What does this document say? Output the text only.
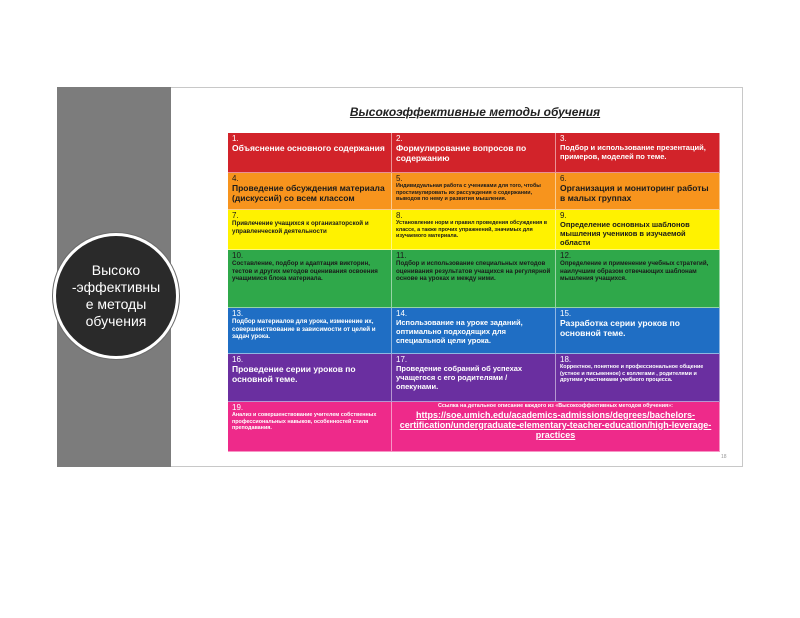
Высоко
-эффективны
е методы
обучения
Высокоэффективные методы обучения
1.
Объяснение основного содержания
2.
Формулирование вопросов по содержанию
3.
Подбор и использование презентаций, примеров, моделей по теме.
4.
Проведение обсуждения материала (дискуссий) со всем классом
5.
Индивидуальная работа с учениками для того, чтобы простимулировать их рассуждения о содержании, выводов по нему и развития мышления.
6.
Организация и мониторинг работы в малых группах
7.
Привлечение учащихся к организаторской и управленческой деятельности
8.
Установление норм и правил проведения обсуждения в классе, а также прочих упражнений, значимых для изучаемого материала.
9.
Определение основных шаблонов мышления учеников в изучаемой области
10.
Составление, подбор и адаптация викторин, тестов и других методов оценивания освоения учащимися блока материала.
11.
Подбор и использование специальных методов оценивания результатов учащихся на регулярной основе на уроках и между ними.
12.
Определение и применение учебных стратегий, наилучшим образом отвечающих шаблонам мышления учащихся.
13.
Подбор материалов для урока, изменение их, совершенствование в зависимости от целей и задач урока.
14.
Использование на уроке заданий, оптимально подходящих для специальной цели урока.
15.
Разработка серии уроков по основной теме.
16.
Проведение серии уроков по основной теме.
17.
Проведение собраний об успехах учащегося с его родителями / опекунами.
18.
Корректное, понятное и профессиональное общение (устное и письменное) с коллегами , родителями и другими участниками учебного процесса.
19.
Анализ и совершенствование учителем собственных профессиональных навыков, особенностей стиля преподавания.
Ссылка на детальное описание каждого из «Высокоэффективных методов обучения»:
https://soe.umich.edu/academics-admissions/degrees/bachelors-certification/undergraduate-elementary-teacher-education/high-leverage-practices
18
